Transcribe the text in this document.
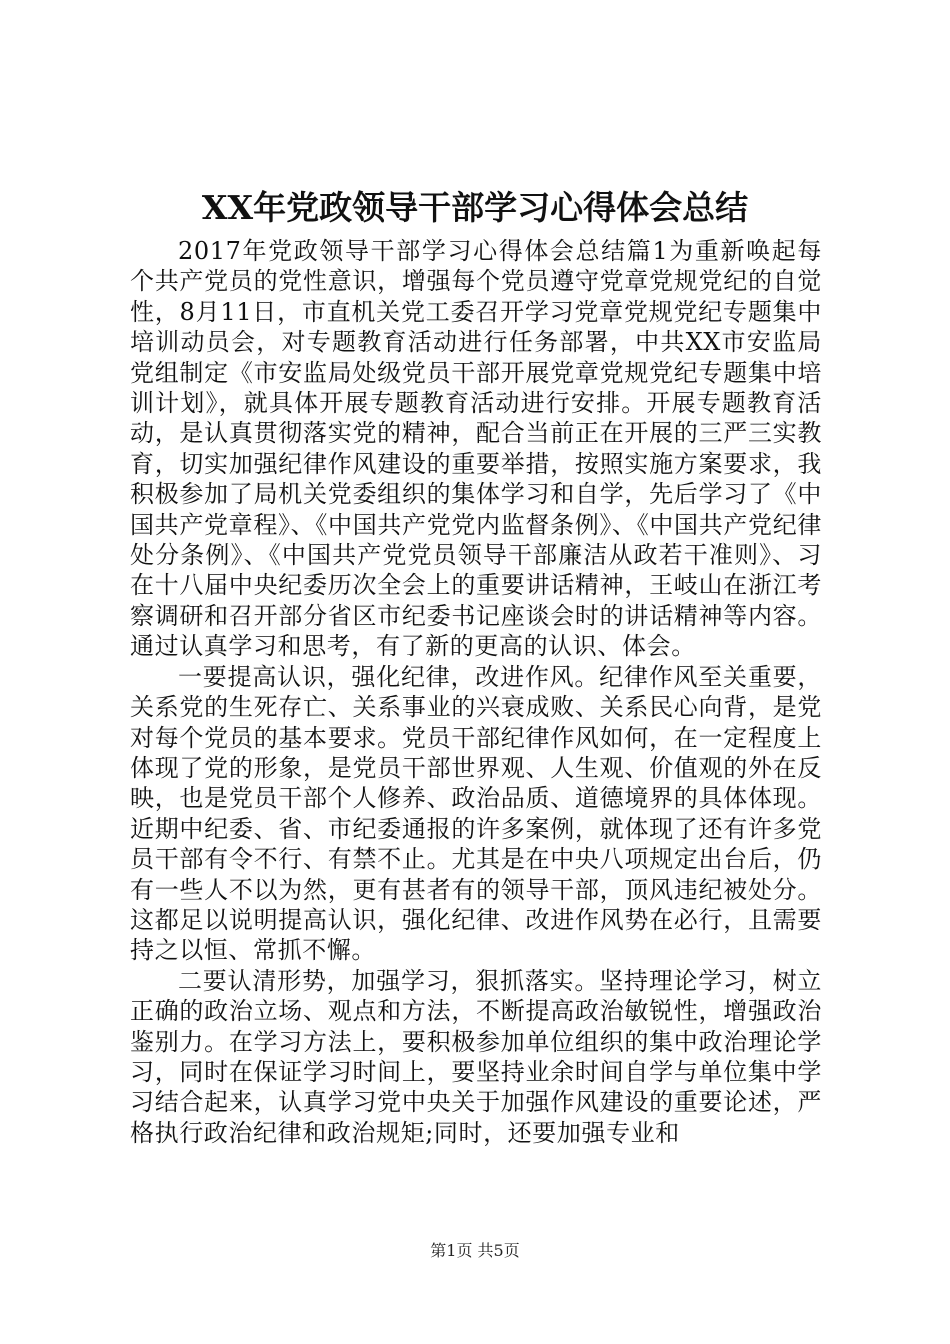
XX年党政领导干部学习心得体会总结

2017年党政领导干部学习心得体会总结篇1为重新唤起每个共产党员的党性意识，增强每个党员遵守党章党规党纪的自觉性，8月11日，市直机关党工委召开学习党章党规党纪专题集中培训动员会，对专题教育活动进行任务部署，中共XX市安监局党组制定《市安监局处级党员干部开展党章党规党纪专题集中培训计划》，就具体开展专题教育活动进行安排。开展专题教育活动，是认真贯彻落实党的精神，配合当前正在开展的三严三实教育，切实加强纪律作风建设的重要举措，按照实施方案要求，我积极参加了局机关党委组织的集体学习和自学，先后学习了《中国共产党章程》、《中国共产党党内监督条例》、《中国共产党纪律处分条例》、《中国共产党党员领导干部廉洁从政若干准则》、习在十八届中央纪委历次全会上的重要讲话精神，王岐山在浙江考察调研和召开部分省区市纪委书记座谈会时的讲话精神等内容。通过认真学习和思考，有了新的更高的认识、体会。

一要提高认识，强化纪律，改进作风。纪律作风至关重要，关系党的生死存亡、关系事业的兴衰成败、关系民心向背，是党对每个党员的基本要求。党员干部纪律作风如何，在一定程度上体现了党的形象，是党员干部世界观、人生观、价值观的外在反映，也是党员干部个人修养、政治品质、道德境界的具体体现。近期中纪委、省、市纪委通报的许多案例，就体现了还有许多党员干部有令不行、有禁不止。尤其是在中央八项规定出台后，仍有一些人不以为然，更有甚者有的领导干部，顶风违纪被处分。这都足以说明提高认识，强化纪律、改进作风势在必行，且需要持之以恒、常抓不懈。

二要认清形势，加强学习，狠抓落实。坚持理论学习，树立正确的政治立场、观点和方法，不断提高政治敏锐性，增强政治鉴别力。在学习方法上，要积极参加单位组织的集中政治理论学习，同时在保证学习时间上，要坚持业余时间自学与单位集中学习结合起来，认真学习党中央关于加强作风建设的重要论述，严格执行政治纪律和政治规矩;同时，还要加强专业和

第1页 共5页
